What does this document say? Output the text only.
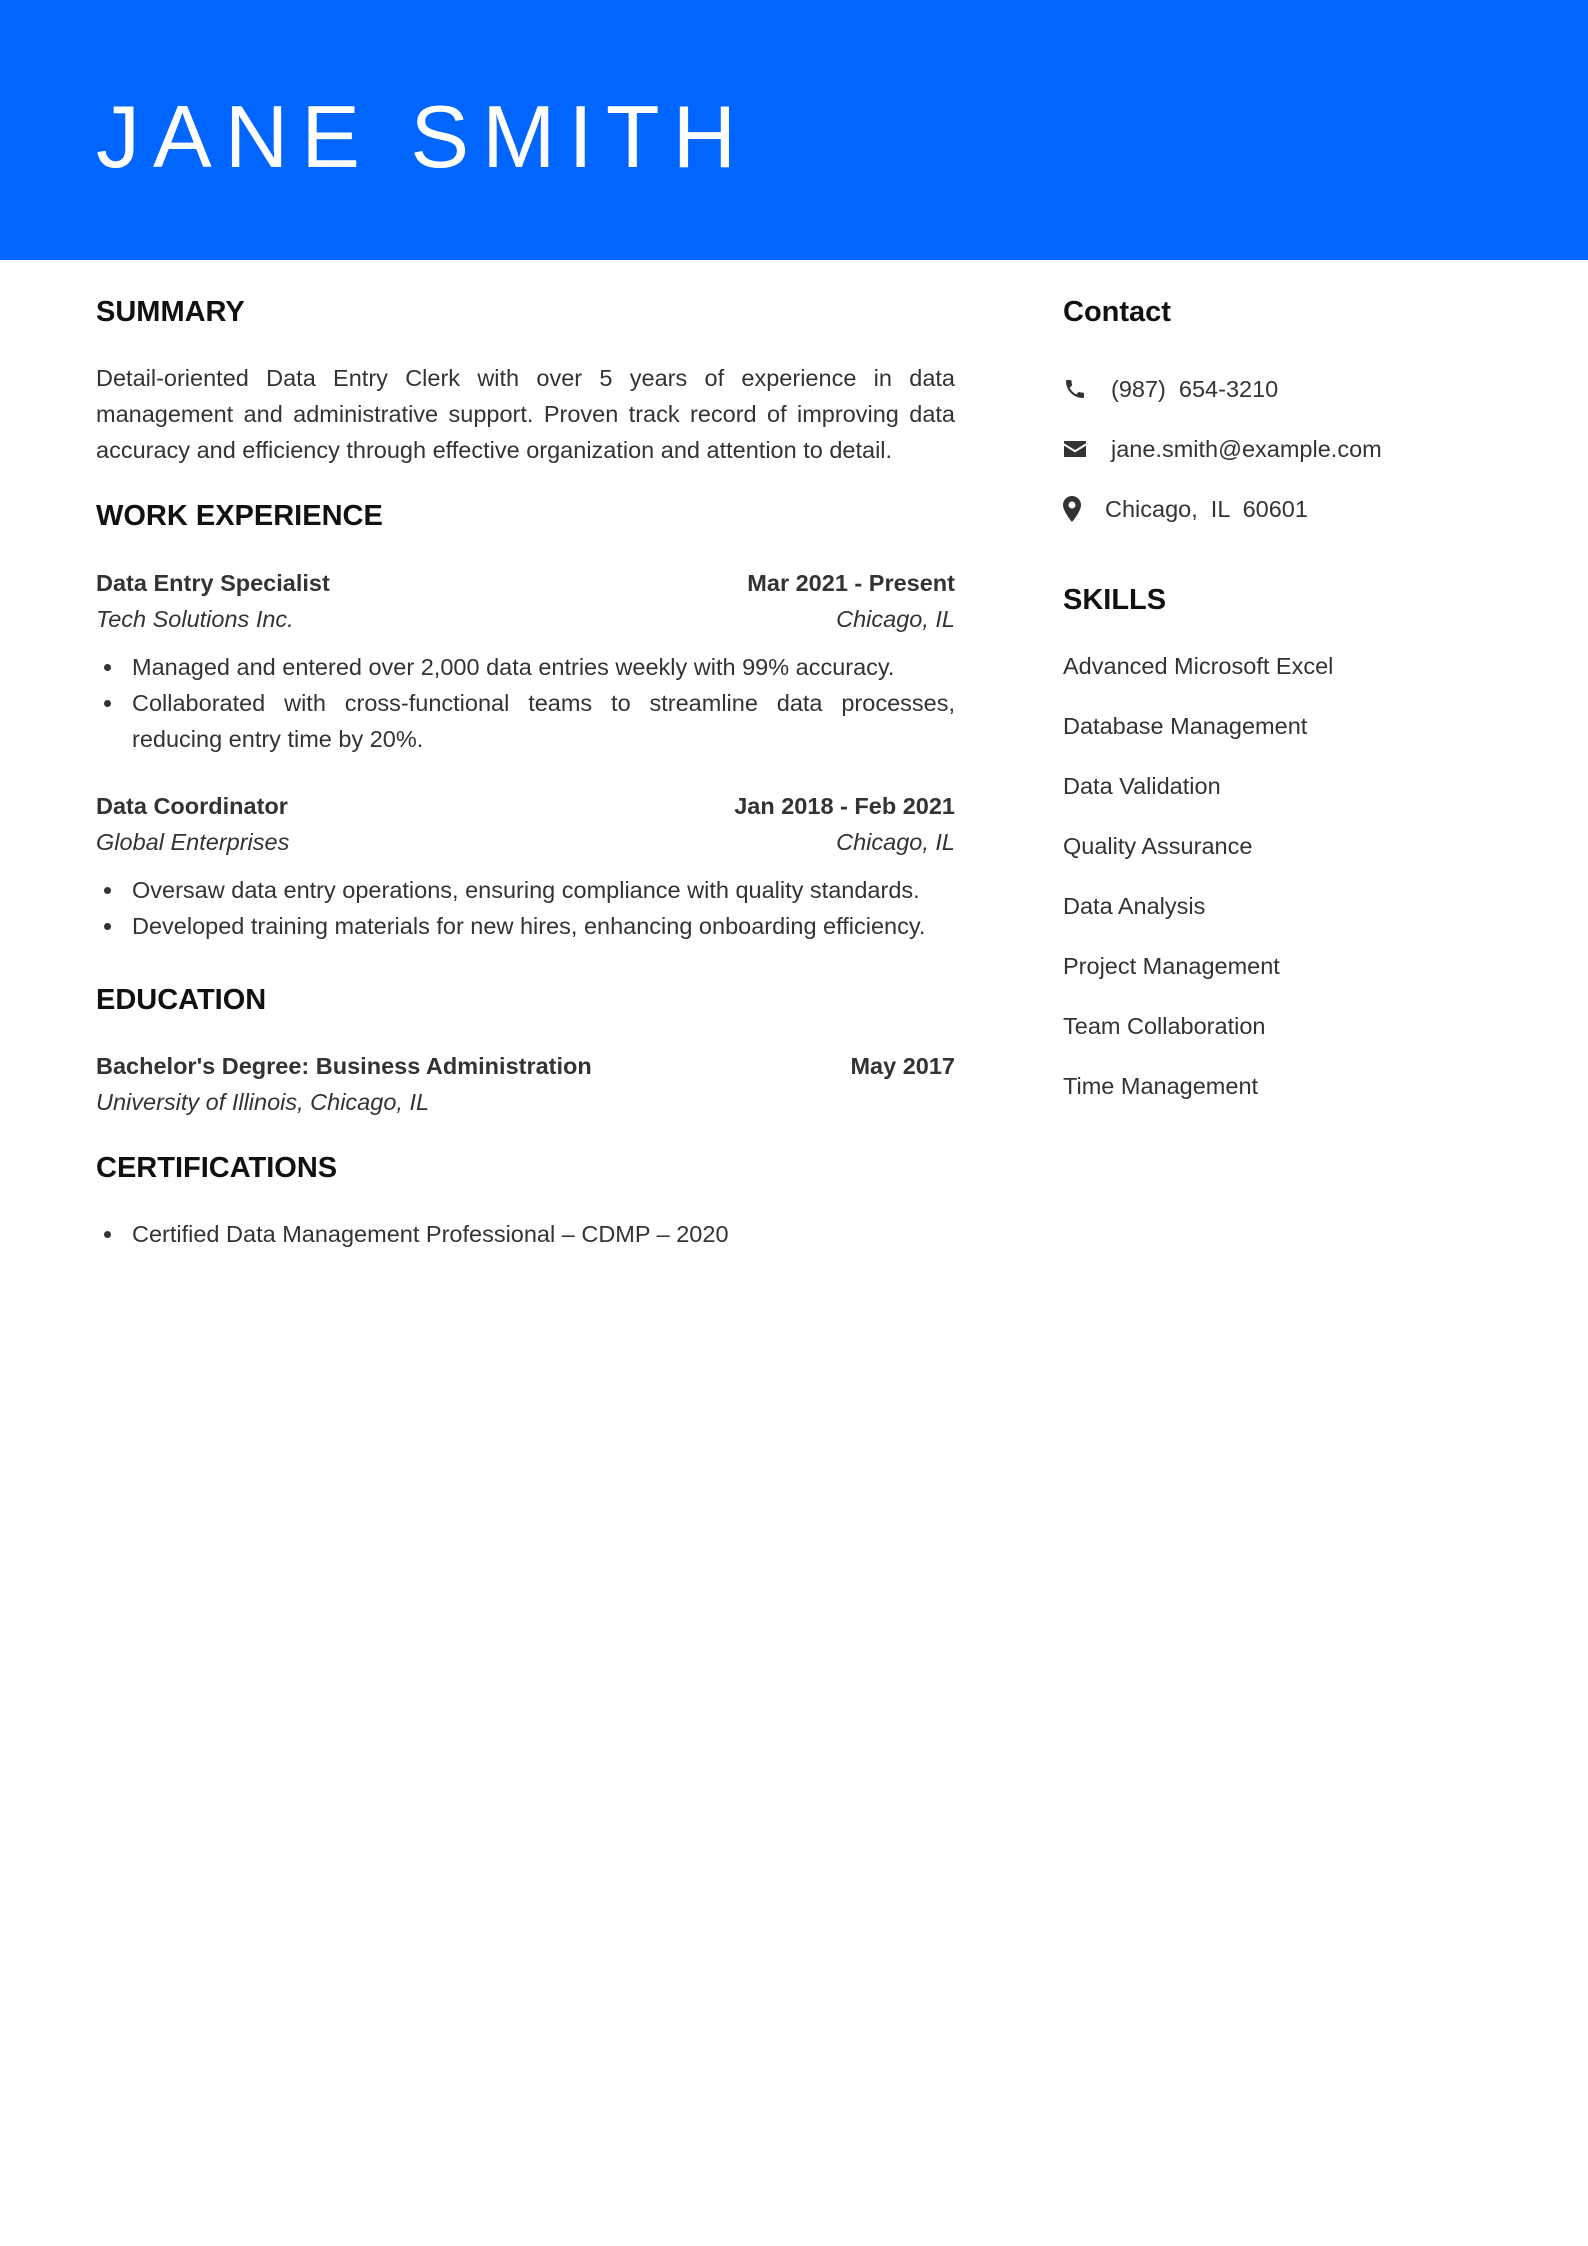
JANE SMITH
SUMMARY

Detail-oriented Data Entry Clerk with over 5 years of experience in data management and administrative support. Proven track record of improving data accuracy and efficiency through effective organization and attention to detail.

WORK EXPERIENCE
Data Entry Specialist	Mar 2021 - Present
Tech Solutions Inc.	Chicago, IL
Managed and entered over 2,000 data entries weekly with 99% accuracy.
Collaborated with cross-functional teams to streamline data processes, reducing entry time by 20%.
Data Coordinator	Jan 2018 - Feb 2021
Global Enterprises	Chicago, IL
Oversaw data entry operations, ensuring compliance with quality standards.
Developed training materials for new hires, enhancing onboarding efficiency.
EDUCATION
Bachelor's Degree: Business Administration	May 2017
University of Illinois, Chicago, IL
CERTIFICATIONS
Certified Data Management Professional – CDMP – 2020
Contact
(987)  654-3210
jane.smith@example.com
Chicago,  IL  60601
SKILLS
Advanced Microsoft Excel
Database Management
Data Validation
Quality Assurance
Data Analysis
Project Management
Team Collaboration
Time Management
